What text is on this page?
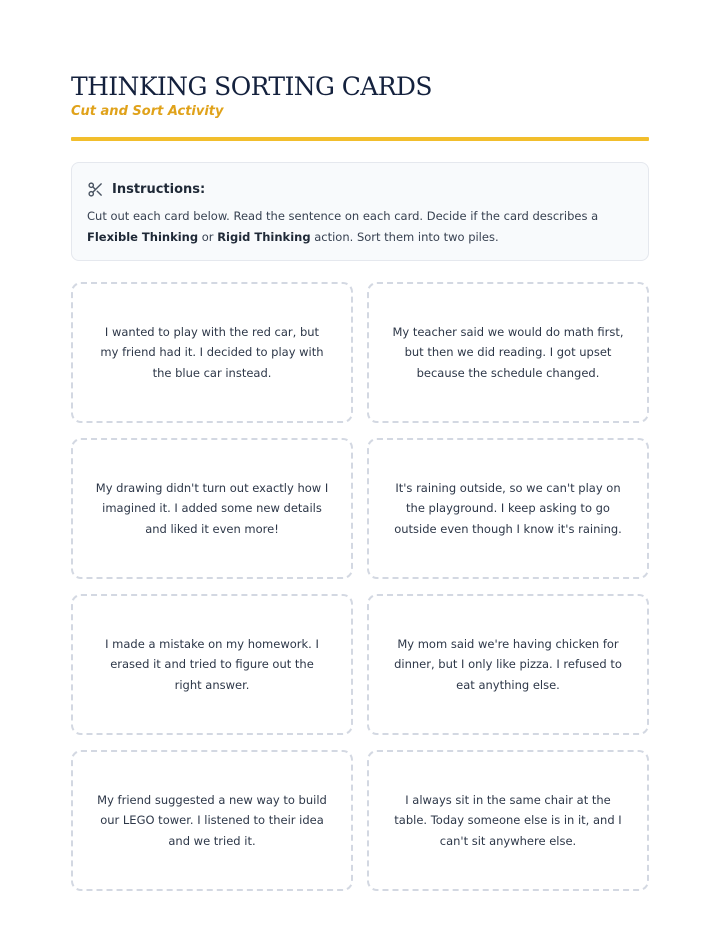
THINKING SORTING CARDS
Cut and Sort Activity
Instructions:
Cut out each card below. Read the sentence on each card. Decide if the card describes a Flexible Thinking or Rigid Thinking action. Sort them into two piles.
I wanted to play with the red car, but my friend had it. I decided to play with the blue car instead.
My teacher said we would do math first, but then we did reading. I got upset because the schedule changed.
My drawing didn't turn out exactly how I imagined it. I added some new details and liked it even more!
It's raining outside, so we can't play on the playground. I keep asking to go outside even though I know it's raining.
I made a mistake on my homework. I erased it and tried to figure out the right answer.
My mom said we're having chicken for dinner, but I only like pizza. I refused to eat anything else.
My friend suggested a new way to build our LEGO tower. I listened to their idea and we tried it.
I always sit in the same chair at the table. Today someone else is in it, and I can't sit anywhere else.
